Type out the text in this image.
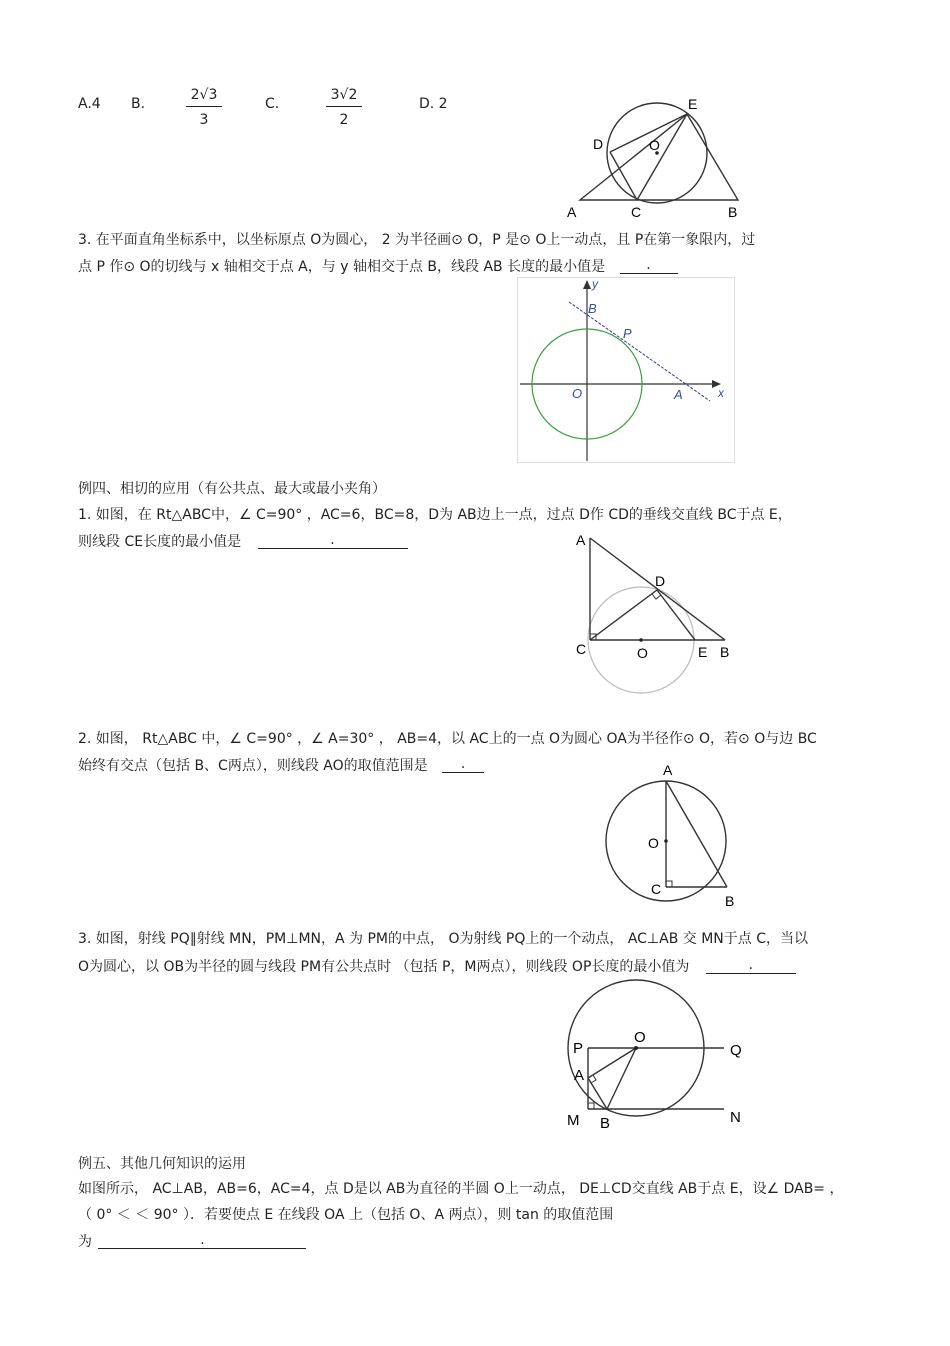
A.4 B.	$\frac{2√3}{3}$	C.	$\frac{3√2}{2}$	D. 2	E
D	O
A	C	B
3. 在平面直角坐标系中，以坐标原点 O为圆心， 2 为半径画⊙ O，P 是⊙ O上一动点，且 P在第一象限内，过
点 P 作⊙ O的切线与 x 轴相交于点 A，与 y 轴相交于点 B，线段 AB 长度的最小值是	.
y
B
P
O	A	x
例四、相切的应用（有公共点、最大或最小夹角）
1. 如图，在 Rt△ABC中，∠ C=90° ，AC=6，BC=8，D为 AB边上一点，过点 D作 CD的垂线交直线 BC于点 E，
则线段 CE长度的最小值是	.	A
D
C	O	E B
2. 如图， Rt△ABC 中，∠ C=90° ，∠ A=30° ， AB=4，以 AC上的一点 O为圆心 OA为半径作⊙ O，若⊙ O与边 BC
始终有交点（包括 B、C两点），则线段 AO的取值范围是 .	A
O
C
B
3. 如图，射线 PQ∥射线 MN，PM⊥MN，A 为 PM的中点， O为射线 PQ上的一个动点， AC⊥AB 交 MN于点 C，当以
O为圆心，以 OB为半径的圆与线段 PM有公共点时 （包括 P，M两点），则线段 OP长度的最小值为	.
O
P	Q
A
M B	N
例五、其他几何知识的运用
如图所示， AC⊥AB，AB=6，AC=4，点 D是以 AB为直径的半圆 O上一动点， DE⊥CD交直线 AB于点 E，设∠ DAB= ，
（ 0° ＜ ＜ 90° ）．若要使点 E 在线段 OA 上（包括 O、A 两点），则 tan 的取值范围
为	.
